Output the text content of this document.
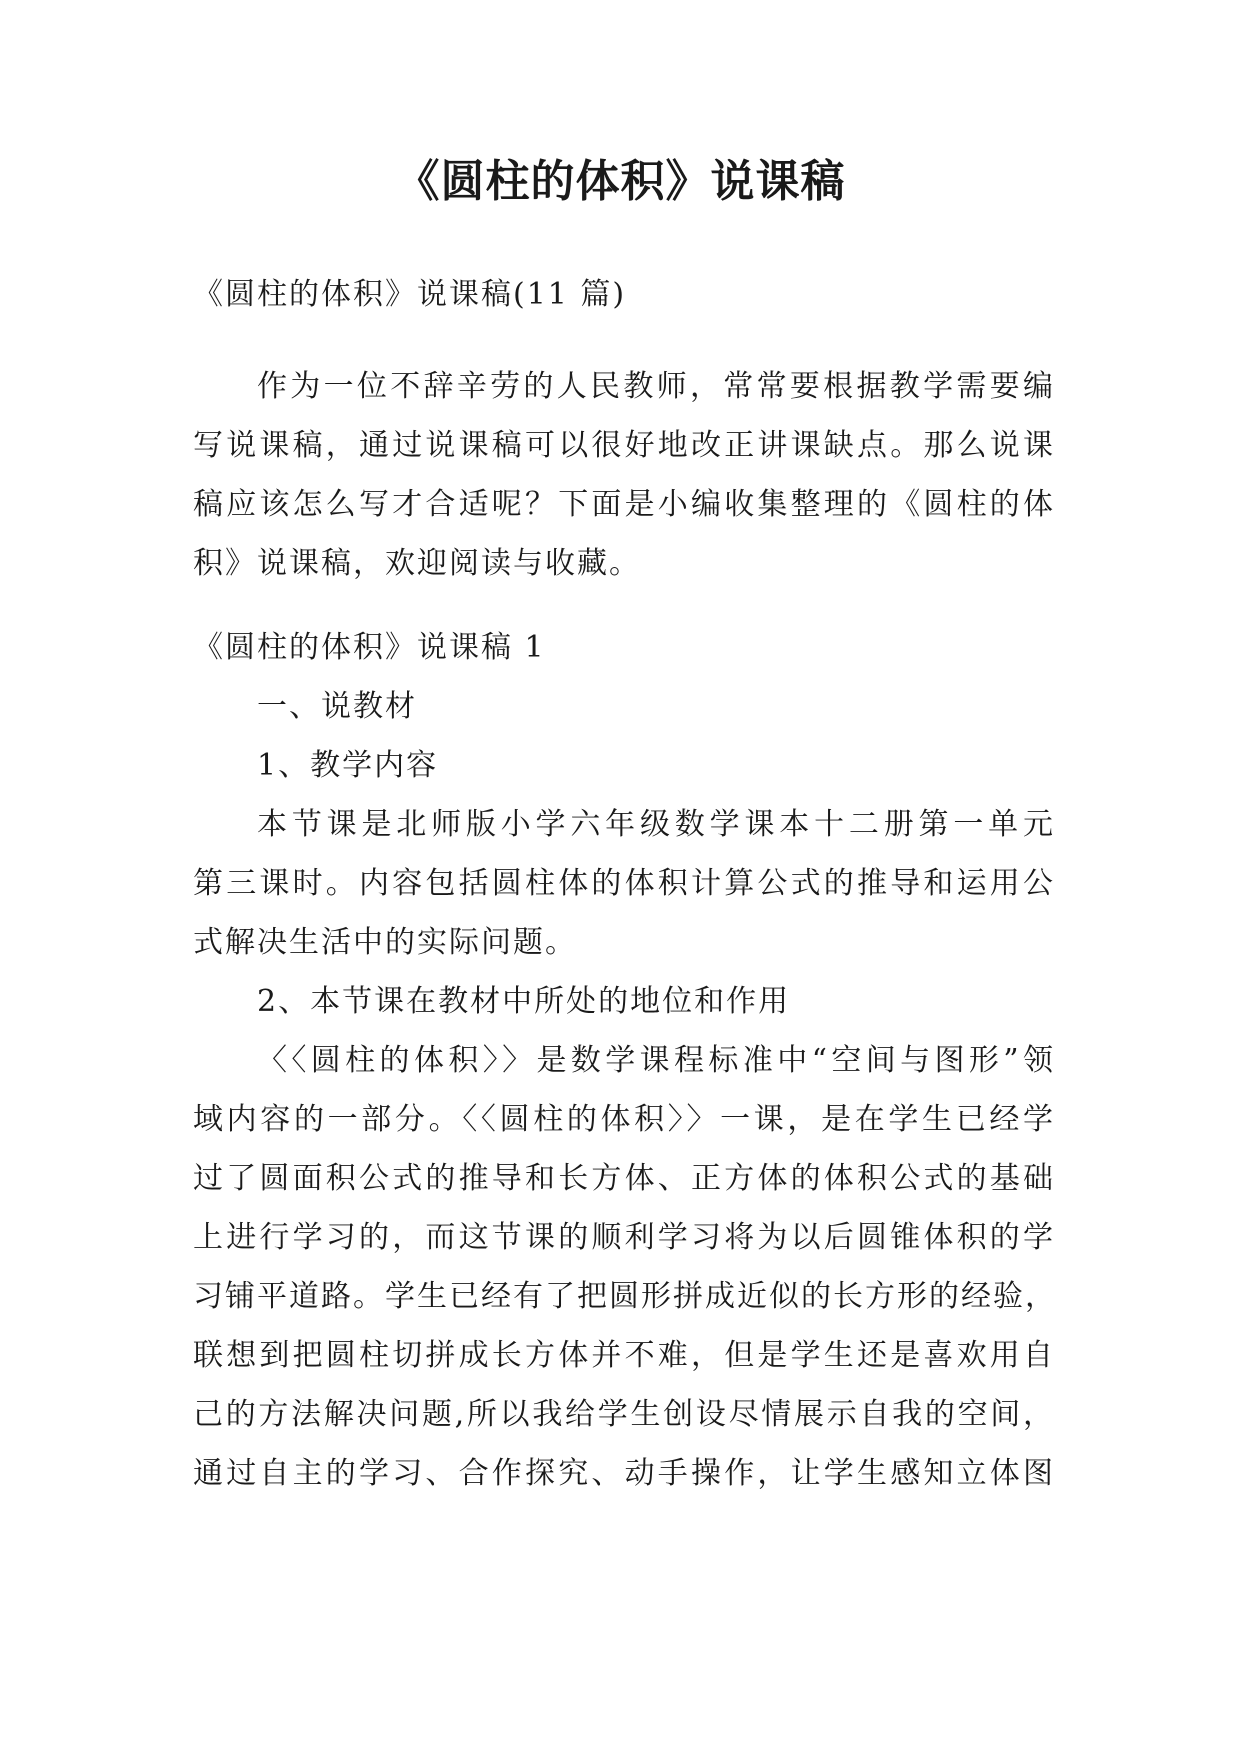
《圆柱的体积》说课稿
《圆柱的体积》说课稿(11 篇)
作为一位不辞辛劳的人民教师，常常要根据教学需要编
写说课稿，通过说课稿可以很好地改正讲课缺点。那么说课
稿应该怎么写才合适呢？下面是小编收集整理的《圆柱的体
积》说课稿，欢迎阅读与收藏。
《圆柱的体积》说课稿 1
一、说教材
1、教学内容
本节课是北师版小学六年级数学课本十二册第一单元
第三课时。内容包括圆柱体的体积计算公式的推导和运用公
式解决生活中的实际问题。
2、本节课在教材中所处的地位和作用
〈〈圆柱的体积〉〉是数学课程标准中“空间与图形”领
域内容的一部分。〈〈圆柱的体积〉〉一课，是在学生已经学
过了圆面积公式的推导和长方体、正方体的体积公式的基础
上进行学习的，而这节课的顺利学习将为以后圆锥体积的学
习铺平道路。学生已经有了把圆形拼成近似的长方形的经验，
联想到把圆柱切拼成长方体并不难，但是学生还是喜欢用自
己的方法解决问题,所以我给学生创设尽情展示自我的空间，
通过自主的学习、合作探究、动手操作，让学生感知立体图
